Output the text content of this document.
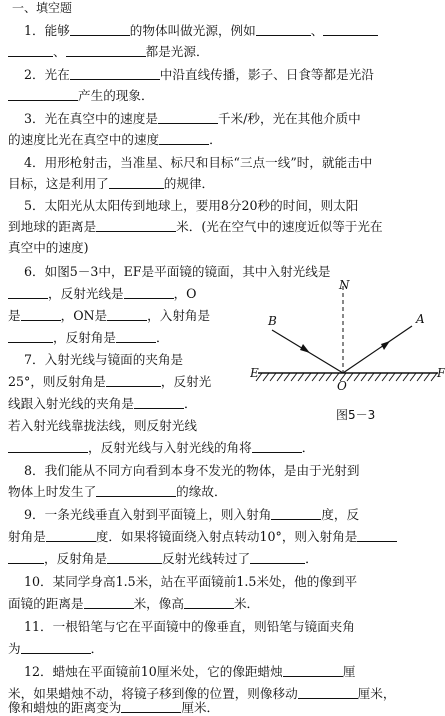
一、填空题
1．能够	的物体叫做光源，例如	、
、	都是光源．
2．光在	中沿直线传播，影子、日食等都是光沿
产生的现象．
3．光在真空中的速度是	千米/秒，光在其他介质中
的速度比光在真空中的速度	．
4．用形枪射击，当准星、标尺和目标“三点一线”时，就能击中
目标，这是利用了	的规律．
5．太阳光从太阳传到地球上，要用8分20秒的时间，则太阳
到地球的距离是	米．(光在空气中的速度近似等于光在
真空中的速度)
6．如图5－3中，EF是平面镜的镜面，其中入射光线是
，反射光线是	，O
是	，ON是	，入射角是
，反射角是	．
7．入射光线与镜面的夹角是
25°，则反射角是	，反射光
线跟入射光线的夹角是	．
若入射光线靠拢法线，则反射光线
，反射光线与入射光线的角将	．
8．我们能从不同方向看到本身不发光的物体，是由于光射到
物体上时发生了	的缘故．
9．一条光线垂直入射到平面镜上，则入射角	度，反
射角是	度．如果将镜面绕入射点转动10°，则入射角是
，反射角是	反射光线转过了	．
10．某同学身高1.5米，站在平面镜前1.5米处，他的像到平
面镜的距离是	米，像高	米．
11．一根铅笔与它在平面镜中的像垂直，则铅笔与镜面夹角
为	．
12．蜡烛在平面镜前10厘米处，它的像距蜡烛	厘
米，如果蜡烛不动，将镜子移到像的位置，则像移动	厘米，
像和蜡烛的距离变为	厘米．
B	A
N
E	F
O
图5－3
